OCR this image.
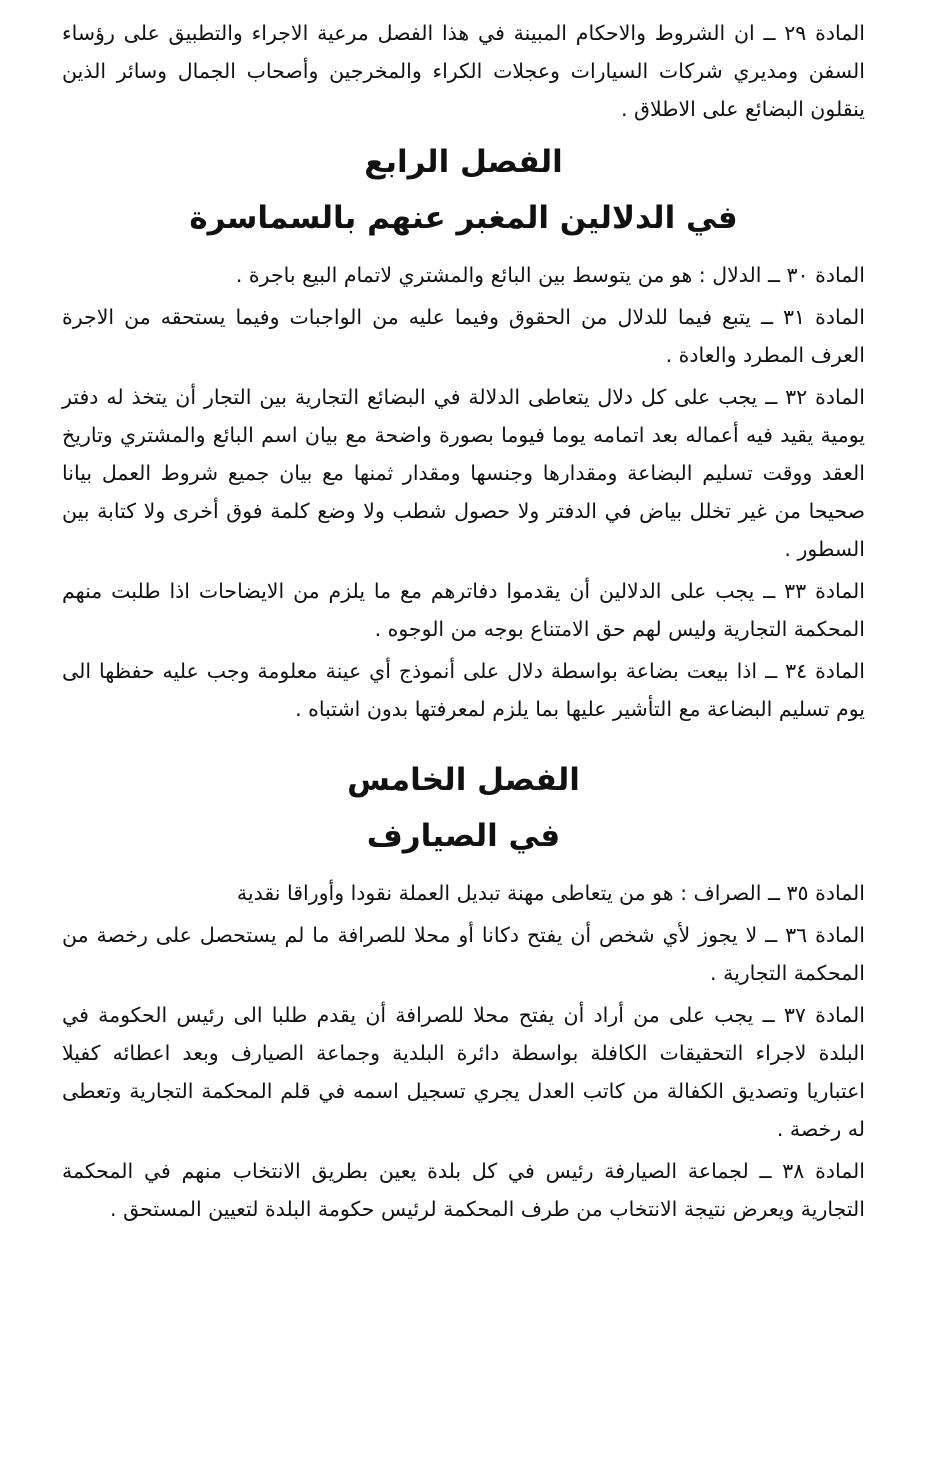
المادة ٢٩ ــ ان الشروط والاحكام المبينة في هذا الفصل مرعية الاجراء والتطبيق على رؤساء السفن ومديري شركات السيارات وعجلات الكراء والمخرجين وأصحاب الجمال وسائر الذين ينقلون البضائع على الاطلاق .

الفصل الرابع
في الدلالين المغبر عنهم بالسماسرة

المادة ٣٠ ــ الدلال : هو من يتوسط بين البائع والمشتري لاتمام البيع باجرة .

المادة ٣١ ــ يتبع فيما للدلال من الحقوق وفيما عليه من الواجبات وفيما يستحقه من الاجرة العرف المطرد والعادة .

المادة ٣٢ ــ يجب على كل دلال يتعاطى الدلالة في البضائع التجارية بين التجار أن يتخذ له دفتر يومية يقيد فيه أعماله بعد اتمامه يوما فيوما بصورة واضحة مع بيان اسم البائع والمشتري وتاريخ العقد ووقت تسليم البضاعة ومقدارها وجنسها ومقدار ثمنها مع بيان جميع شروط العمل بيانا صحيحا من غير تخلل بياض في الدفتر ولا حصول شطب ولا وضع كلمة فوق أخرى ولا كتابة بين السطور .

المادة ٣٣ ــ يجب على الدلالين أن يقدموا دفاترهم مع ما يلزم من الايضاحات اذا طلبت منهم المحكمة التجارية وليس لهم حق الامتناع بوجه من الوجوه .

المادة ٣٤ ــ اذا بيعت بضاعة بواسطة دلال على أنموذج أي عينة معلومة وجب عليه حفظها الى يوم تسليم البضاعة مع التأشير عليها بما يلزم لمعرفتها بدون اشتباه .

الفصل الخامس
في الصيارف

المادة ٣٥ ــ الصراف : هو من يتعاطى مهنة تبديل العملة نقودا وأوراقا نقدية

المادة ٣٦ ــ لا يجوز لأي شخص أن يفتح دكانا أو محلا للصرافة ما لم يستحصل على رخصة من المحكمة التجارية .

المادة ٣٧ ــ يجب على من أراد أن يفتح محلا للصرافة أن يقدم طلبا الى رئيس الحكومة في البلدة لاجراء التحقيقات الكافلة بواسطة دائرة البلدية وجماعة الصيارف وبعد اعطائه كفيلا اعتباريا وتصديق الكفالة من كاتب العدل يجري تسجيل اسمه في قلم المحكمة التجارية وتعطى له رخصة .

المادة ٣٨ ــ لجماعة الصيارفة رئيس في كل بلدة يعين بطريق الانتخاب منهم في المحكمة التجارية ويعرض نتيجة الانتخاب من طرف المحكمة لرئيس حكومة البلدة لتعيين المستحق .
